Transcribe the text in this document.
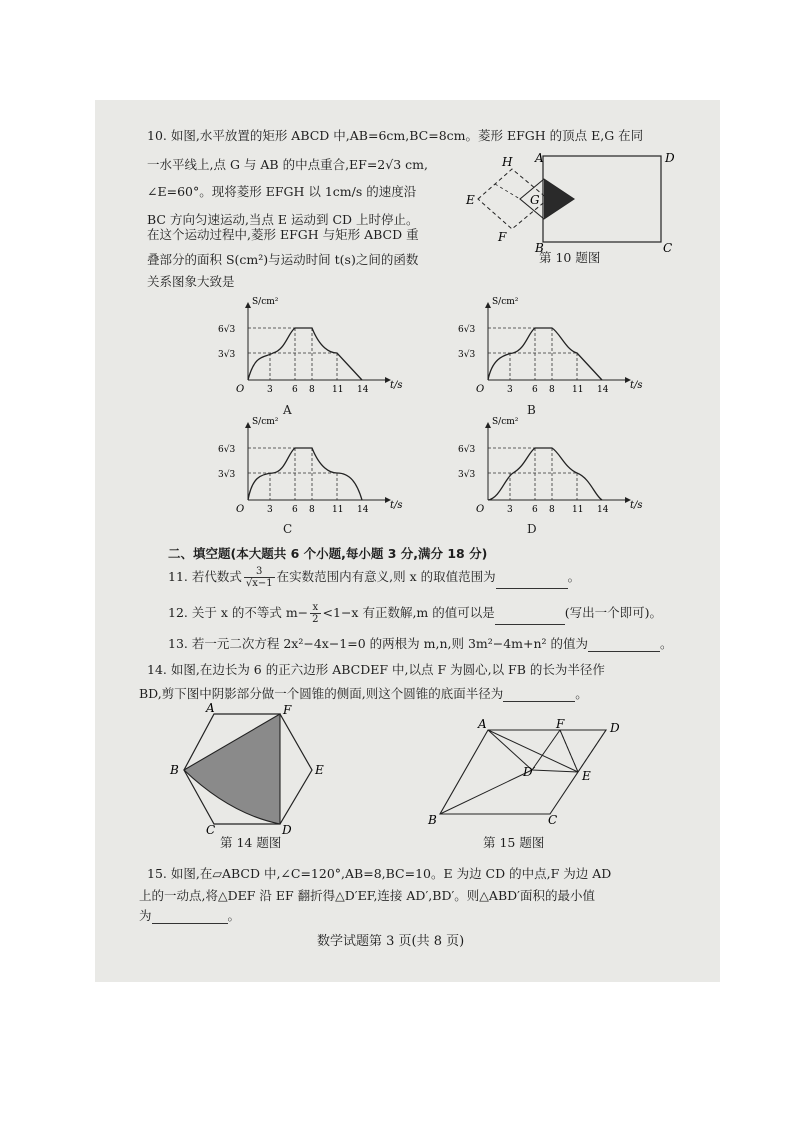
10. 如图,水平放置的矩形 ABCD 中,AB=6cm,BC=8cm。菱形 EFGH 的顶点 E,G 在同
一水平线上,点 G 与 AB 的中点重合,EF=2√3 cm,
∠E=60°。现将菱形 EFGH 以 1cm/s 的速度沿
BC 方向匀速运动,当点 E 运动到 CD 上时停止。
在这个运动过程中,菱形 EFGH 与矩形 ABCD 重
叠部分的面积 S(cm²)与运动时间 t(s)之间的函数
关系图象大致是
A	D
B	C
E
H
F
G
第 10 题图
S/cm²
t/s
O
6√3
3√3
3 6 8 11 14
A
S/cm²
t/s
O
6√3
3√3
3 6 8 11 14
B
S/cm²
t/s
O
6√3
3√3
3 6 8 11 14
C
S/cm²
t/s
O
6√3
3√3
3 6 8 11 14
D
二、填空题(本大题共 6 个小题,每小题 3 分,满分 18 分)
11. 若代数式 $\frac{3}{√x-1}$ 在实数范围内有意义,则 x 的取值范围为	。
12. 关于 x 的不等式 $m- \frac{x}{2} <1-x$ 有正数解,m 的值可以是	(写出一个即可)。
13. 若一元二次方程 2x²−4x−1=0 的两根为 m,n,则 3m²−4m+n² 的值为	。
14. 如图,在边长为 6 的正六边形 ABCDEF 中,以点 F 为圆心,以 FB 的长为半径作
BD,剪下图中阴影部分做一个圆锥的侧面,则这个圆锥的底面半径为	。
A	F
B	E
C	D
第 14 题图
A	F	D
D′	E
B	C
第 15 题图
15. 如图,在▱ABCD 中,∠C=120°,AB=8,BC=10。E 为边 CD 的中点,F 为边 AD
上的一动点,将△DEF 沿 EF 翻折得△D′EF,连接 AD′,BD′。则△ABD′面积的最小值
为	。
数学试题第 3 页(共 8 页)
